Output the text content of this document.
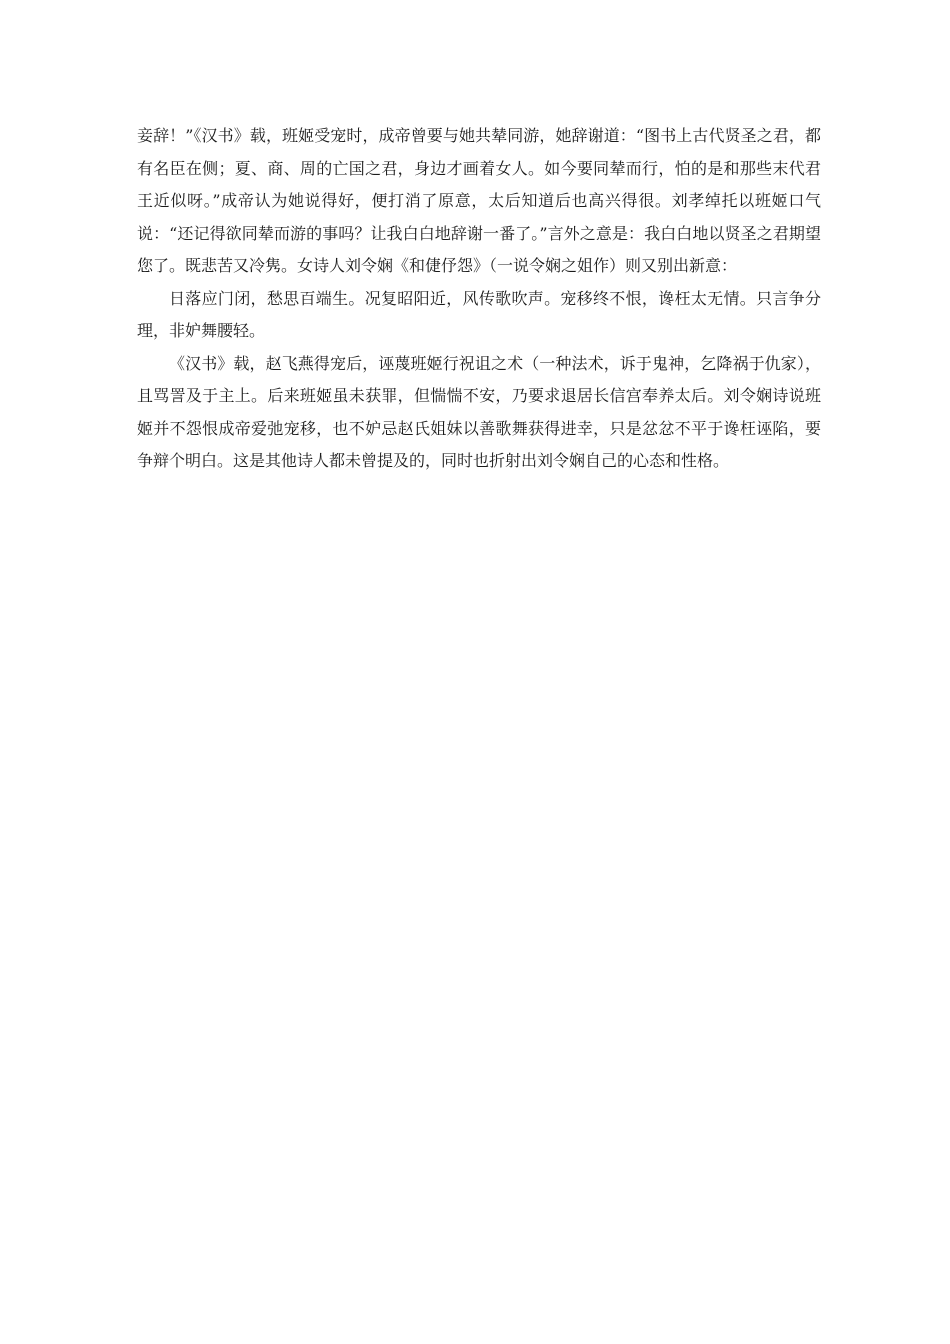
妾辞！”《汉书》载，班姬受宠时，成帝曾要与她共辇同游，她辞谢道：“图书上古代贤圣之君，都有名臣在侧；夏、商、周的亡国之君，身边才画着女人。如今要同辇而行，怕的是和那些末代君王近似呀。”成帝认为她说得好，便打消了原意，太后知道后也高兴得很。刘孝绰托以班姬口气说：“还记得欲同辇而游的事吗？让我白白地辞谢一番了。”言外之意是：我白白地以贤圣之君期望您了。既悲苦又冷隽。女诗人刘令娴《和倢伃怨》（一说令娴之姐作）则又别出新意：

日落应门闭，愁思百端生。况复昭阳近，风传歌吹声。宠移终不恨，谗枉太无情。只言争分理，非妒舞腰轻。

《汉书》载，赵飞燕得宠后，诬蔑班姬行祝诅之术（一种法术，诉于鬼神，乞降祸于仇家），且骂詈及于主上。后来班姬虽未获罪，但惴惴不安，乃要求退居长信宫奉养太后。刘令娴诗说班姬并不怨恨成帝爱弛宠移，也不妒忌赵氏姐妹以善歌舞获得进幸，只是忿忿不平于谗枉诬陷，要争辩个明白。这是其他诗人都未曾提及的，同时也折射出刘令娴自己的心态和性格。
